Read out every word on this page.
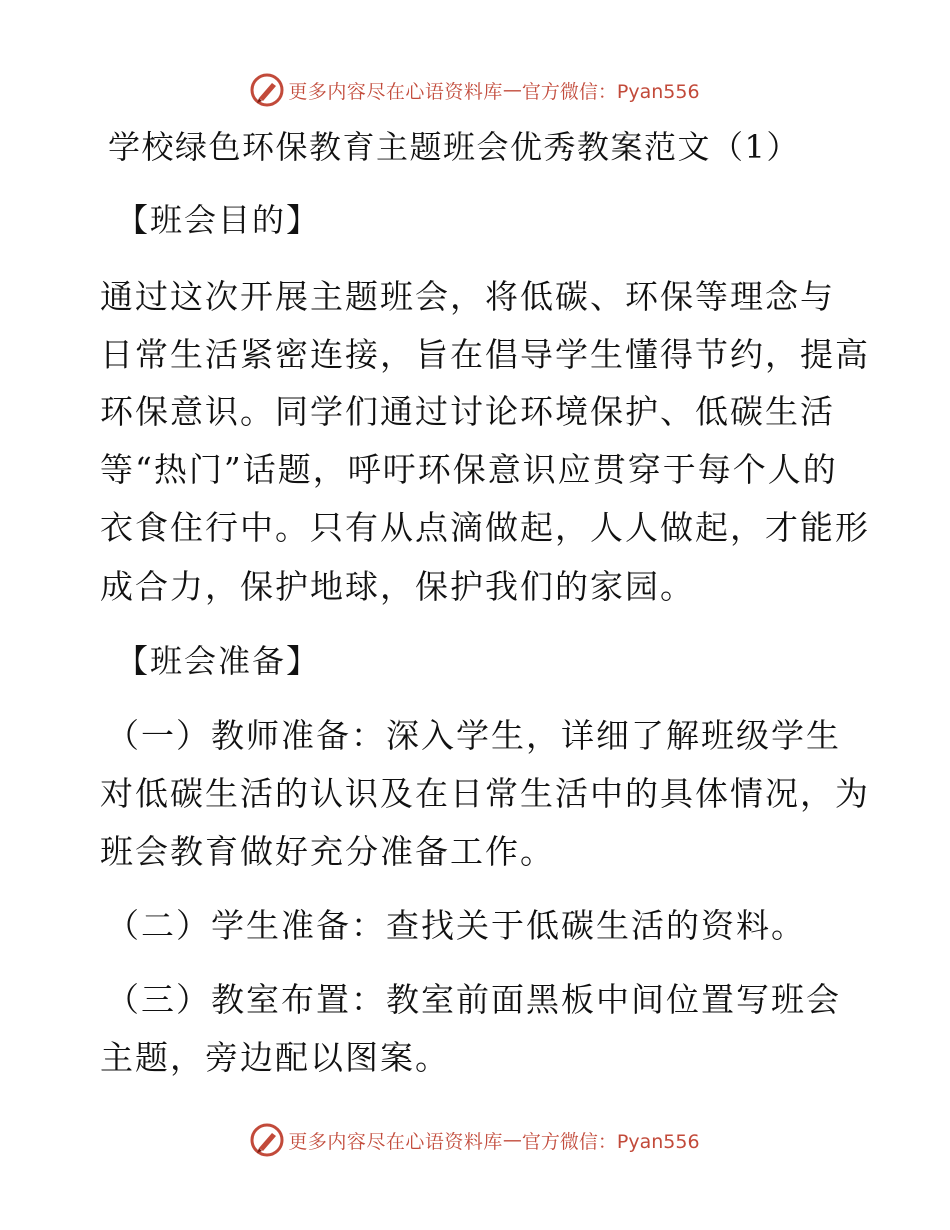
更多内容尽在心语资料库 — 官方微信：Pyan556
学校绿色环保教育主题班会优秀教案范文（1）
【班会目的】
通过这次开展主题班会，将低碳、环保等理念与
日常生活紧密连接，旨在倡导学生懂得节约，提高
环保意识。同学们通过讨论环境保护、低碳生活
等“热门”话题，呼吁环保意识应贯穿于每个人的
衣食住行中。只有从点滴做起，人人做起，才能形
成合力，保护地球，保护我们的家园。
【班会准备】
（一）教师准备：深入学生，详细了解班级学生
对低碳生活的认识及在日常生活中的具体情况，为
班会教育做好充分准备工作。
（二）学生准备：查找关于低碳生活的资料。
（三）教室布置：教室前面黑板中间位置写班会
主题，旁边配以图案。
更多内容尽在心语资料库 — 官方微信：Pyan556
